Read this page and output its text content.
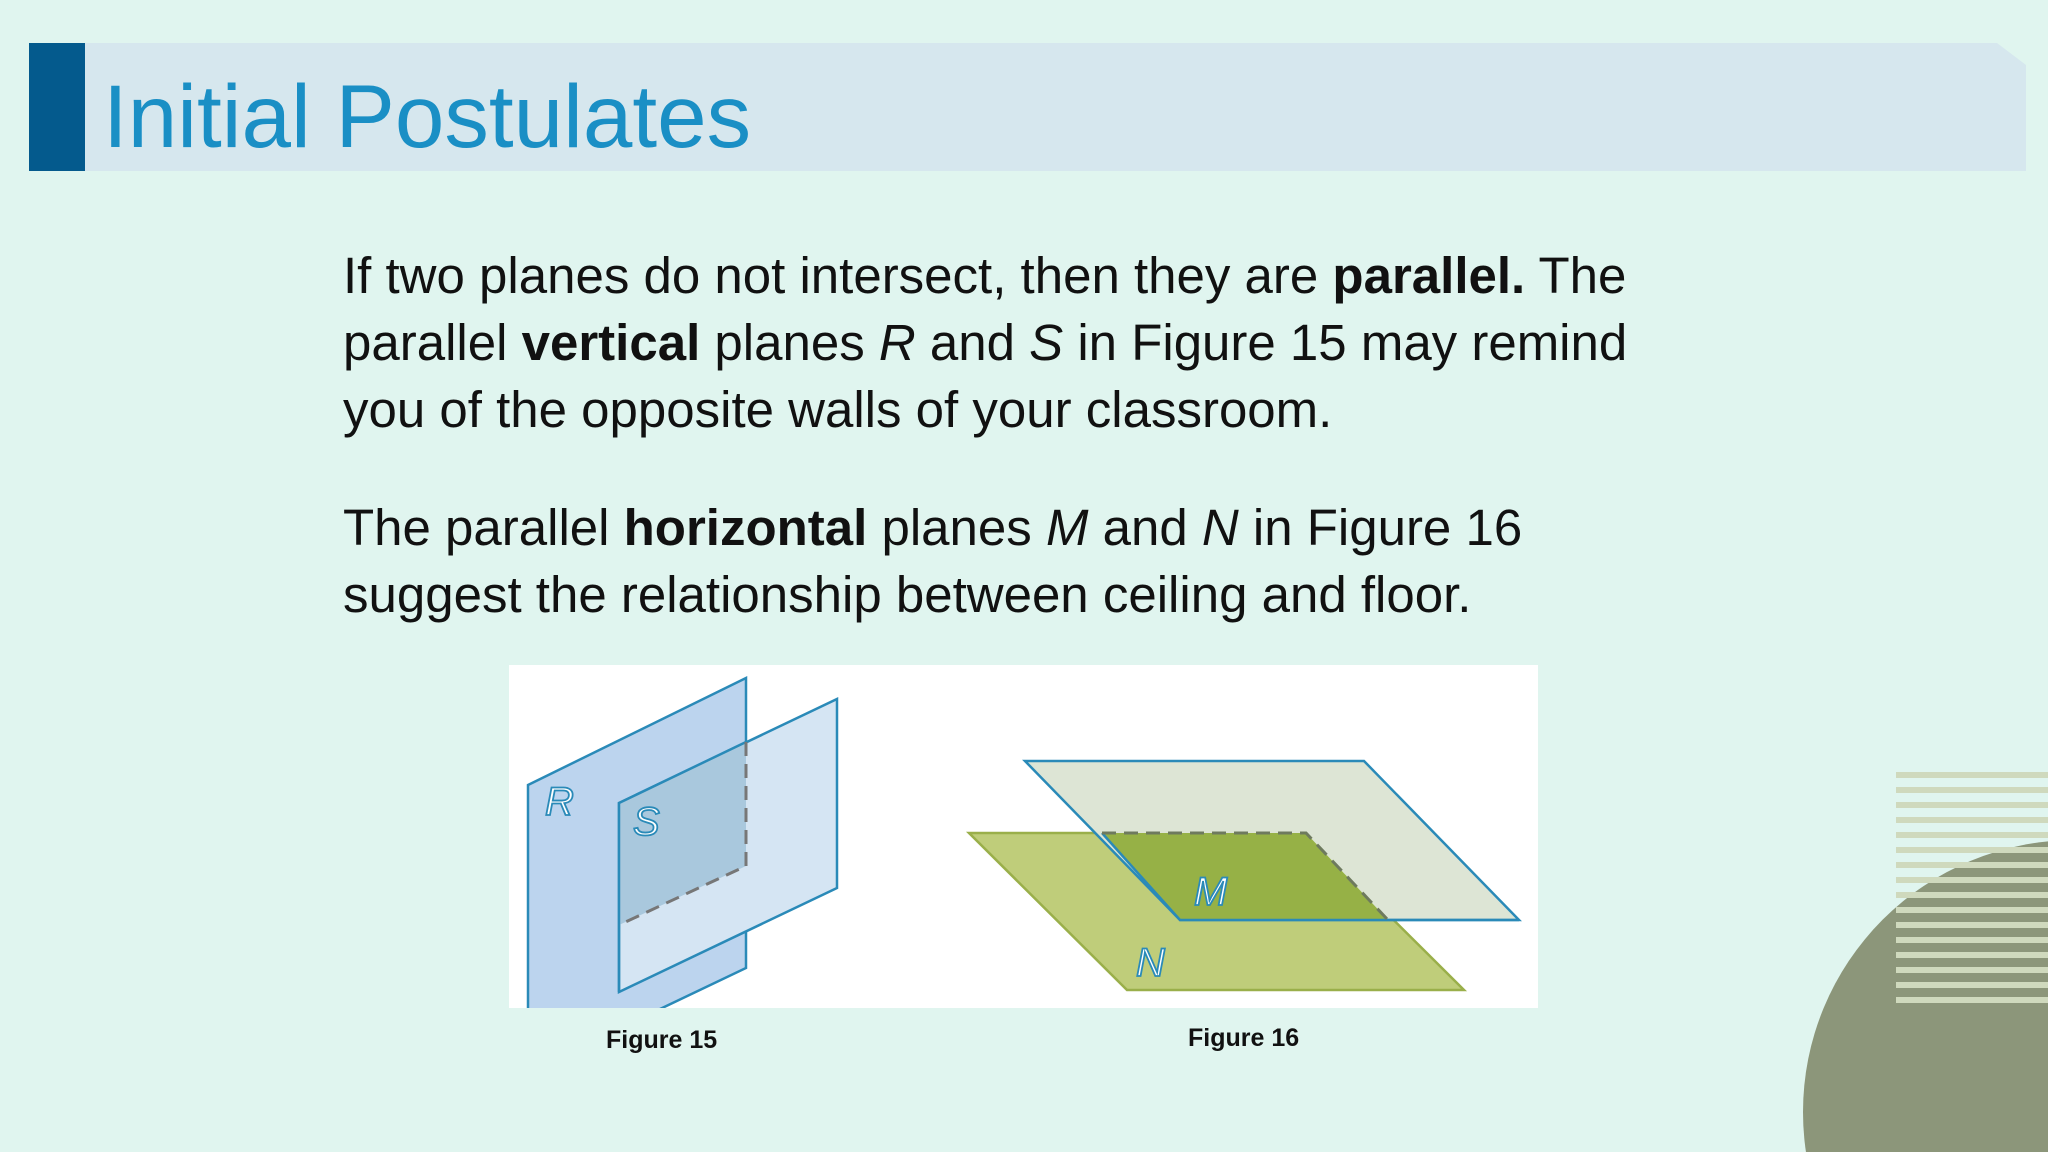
Initial Postulates
If two planes do not intersect, then they are parallel. The parallel vertical planes R and S in Figure 15 may remind you of the opposite walls of your classroom.
The parallel horizontal planes M and N in Figure 16 suggest the relationship between ceiling and floor.
R S
M
N
Figure 15	Figure 16
